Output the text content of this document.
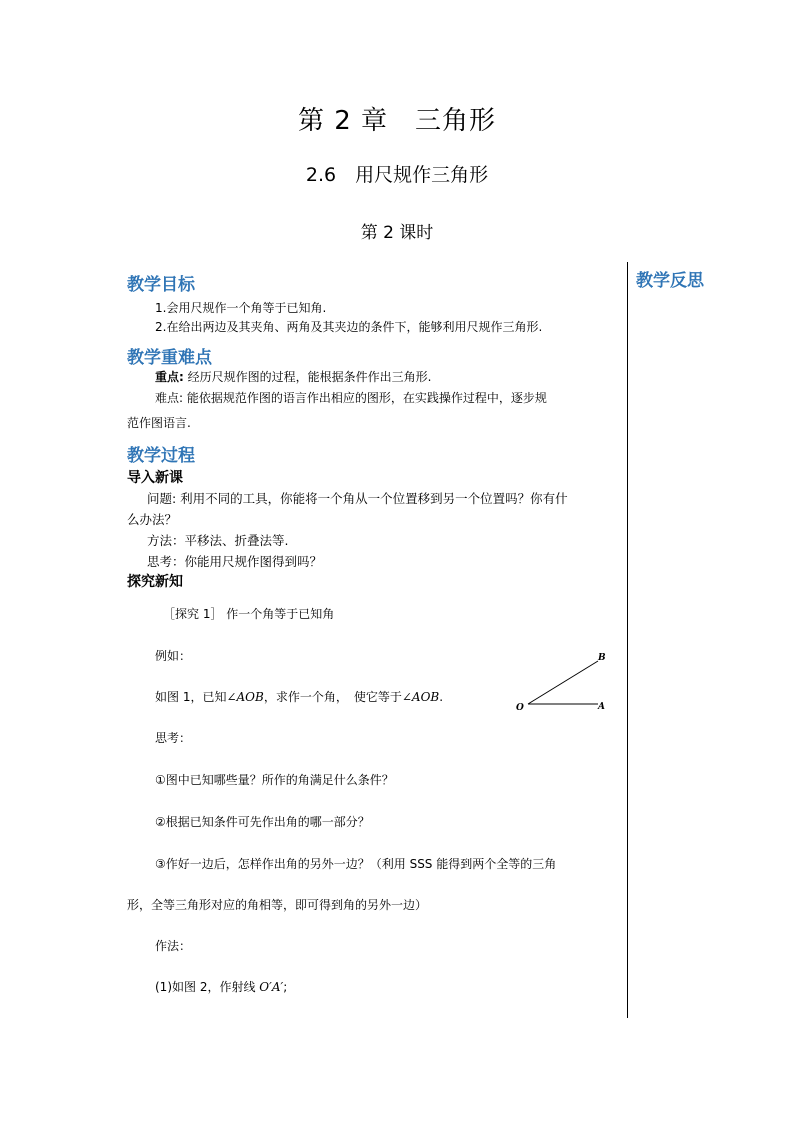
第 2 章　三角形
2.6　用尺规作三角形
第 2 课时
教学反思
教学目标
1.会用尺规作一个角等于已知角.
2.在给出两边及其夹角、两角及其夹边的条件下，能够利用尺规作三角形.
教学重难点
重点: 经历尺规作图的过程，能根据条件作出三角形.
难点: 能依据规范作图的语言作出相应的图形，在实践操作过程中，逐步规
范作图语言.
教学过程
导入新课
问题: 利用不同的工具，你能将一个角从一个位置移到另一个位置吗？你有什
么办法？
方法：平移法、折叠法等.
思考：你能用尺规作图得到吗？
探究新知
［探究 1］ 作一个角等于已知角
例如：
如图 1，已知∠AOB，求作一个角，　使它等于∠AOB.
O	A
B
思考：
①图中已知哪些量？所作的角满足什么条件？
②根据已知条件可先作出角的哪一部分？
③作好一边后，怎样作出角的另外一边？（利用 SSS 能得到两个全等的三角
形，全等三角形对应的角相等，即可得到角的另外一边）
作法：
(1)如图 2，作射线 O′A′;
